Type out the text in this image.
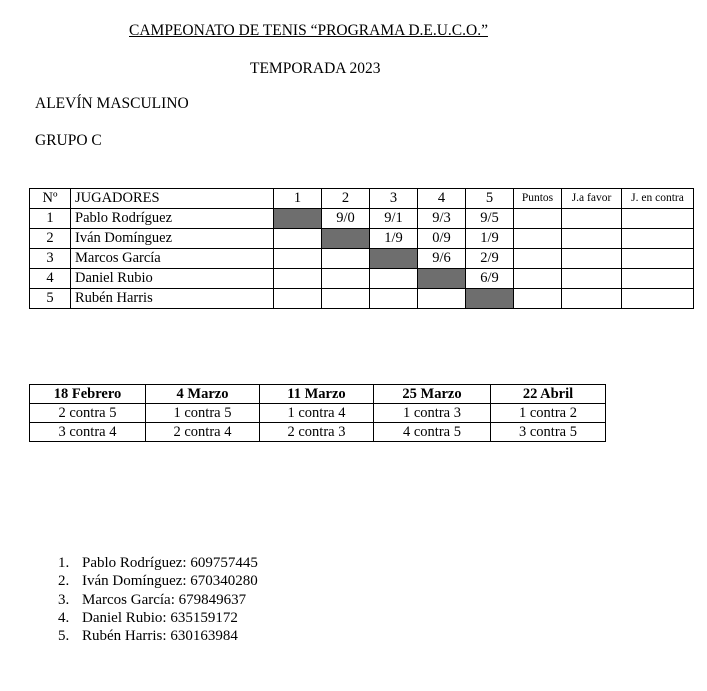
CAMPEONATO DE TENIS “PROGRAMA D.E.U.C.O.”
TEMPORADA 2023
ALEVÍN MASCULINO
GRUPO C
Nº	JUGADORES	1	2	3	4	5	Puntos	J.a favor	J. en contra
1	Pablo Rodríguez		9/0	9/1	9/3	9/5			
2	Iván Domínguez			1/9	0/9	1/9			
3	Marcos García				9/6	2/9			
4	Daniel Rubio					6/9			
5	Rubén Harris								
18 Febrero	4 Marzo	11 Marzo	25 Marzo	22 Abril
2 contra 5	1 contra 5	1 contra 4	1 contra 3	1 contra 2
3 contra 4	2 contra 4	2 contra 3	4 contra 5	3 contra 5
1. Pablo Rodríguez: 609757445
2. Iván Domínguez: 670340280
3. Marcos García: 679849637
4. Daniel Rubio: 635159172
5. Rubén Harris: 630163984
